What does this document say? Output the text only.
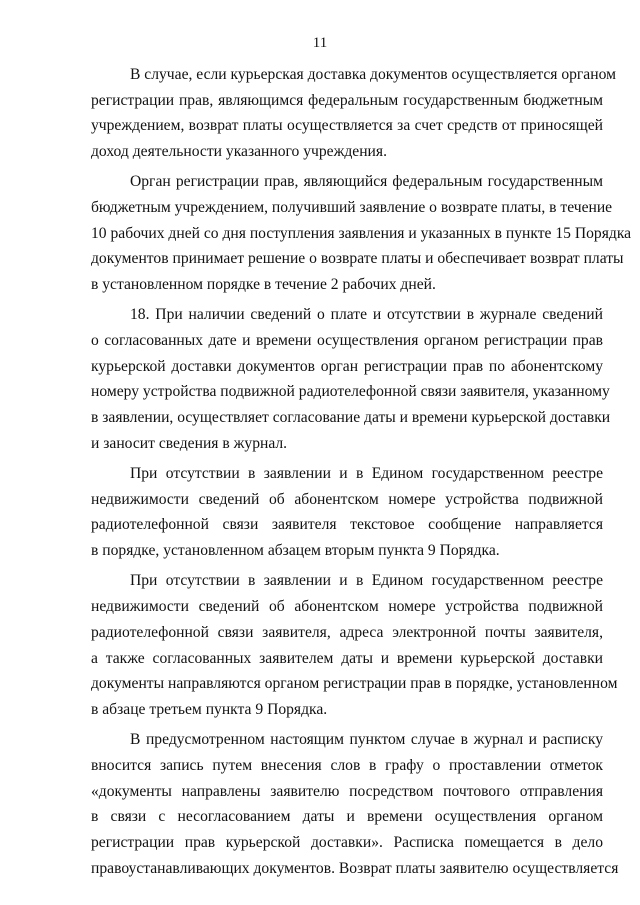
11
В случае, если курьерская доставка документов осуществляется органом
регистрации прав, являющимся федеральным государственным бюджетным
учреждением, возврат платы осуществляется за счет средств от приносящей
доход деятельности указанного учреждения.
Орган регистрации прав, являющийся федеральным государственным
бюджетным учреждением, получивший заявление о возврате платы, в течение
10 рабочих дней со дня поступления заявления и указанных в пункте 15 Порядка
документов принимает решение о возврате платы и обеспечивает возврат платы
в установленном порядке в течение 2 рабочих дней.
18. При наличии сведений о плате и отсутствии в журнале сведений
о согласованных дате и времени осуществления органом регистрации прав
курьерской доставки документов орган регистрации прав по абонентскому
номеру устройства подвижной радиотелефонной связи заявителя, указанному
в заявлении, осуществляет согласование даты и времени курьерской доставки
и заносит сведения в журнал.
При отсутствии в заявлении и в Едином государственном реестре
недвижимости сведений об абонентском номере устройства подвижной
радиотелефонной связи заявителя текстовое сообщение направляется
в порядке, установленном абзацем вторым пункта 9 Порядка.
При отсутствии в заявлении и в Едином государственном реестре
недвижимости сведений об абонентском номере устройства подвижной
радиотелефонной связи заявителя, адреса электронной почты заявителя,
а также согласованных заявителем даты и времени курьерской доставки
документы направляются органом регистрации прав в порядке, установленном
в абзаце третьем пункта 9 Порядка.
В предусмотренном настоящим пунктом случае в журнал и расписку
вносится запись путем внесения слов в графу о проставлении отметок
«документы направлены заявителю посредством почтового отправления
в связи с несогласованием даты и времени осуществления органом
регистрации прав курьерской доставки». Расписка помещается в дело
правоустанавливающих документов. Возврат платы заявителю осуществляется
